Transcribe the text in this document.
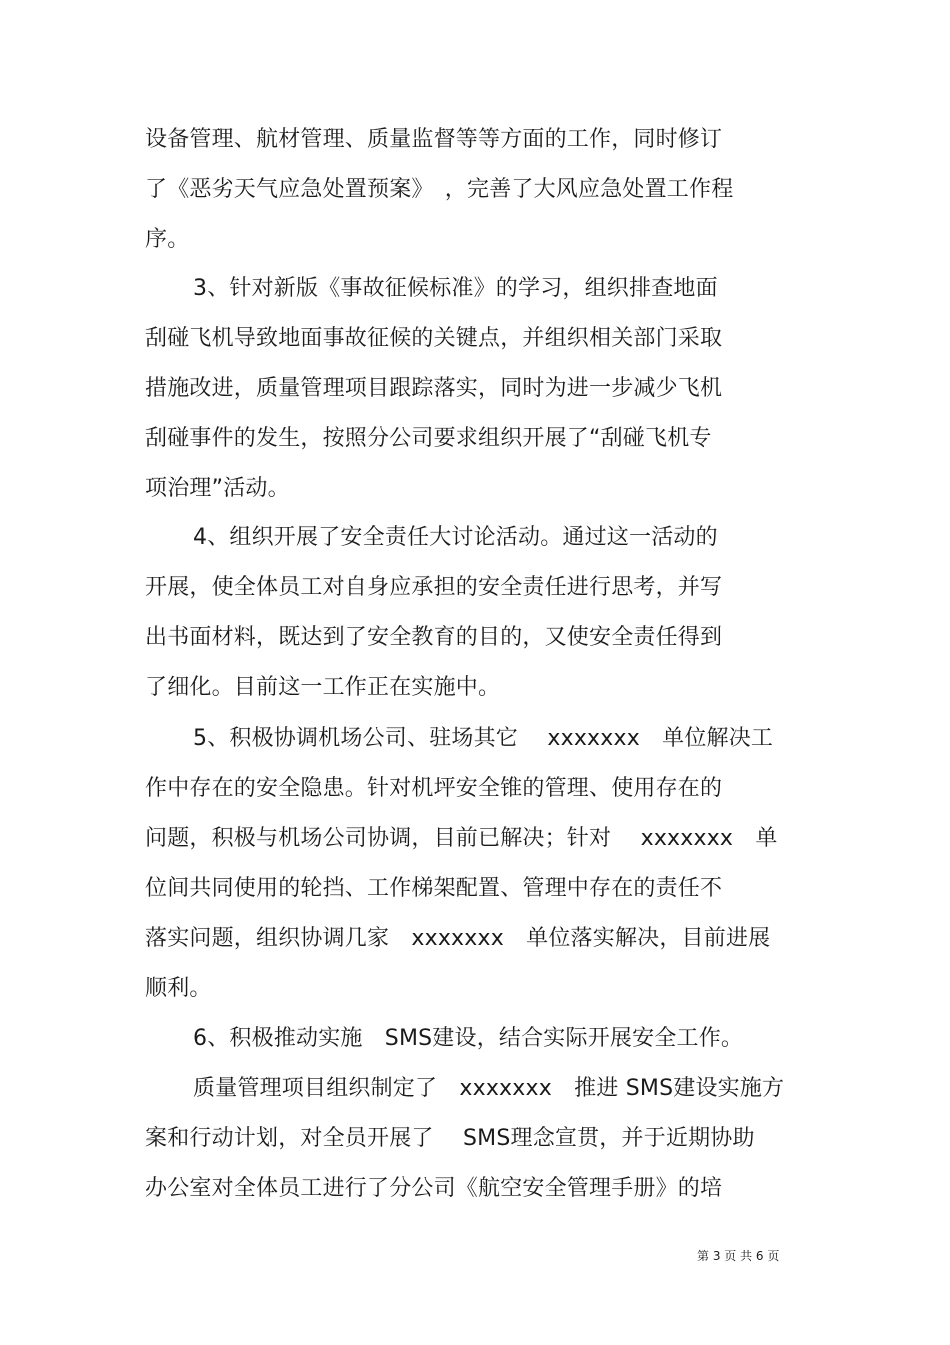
设备管理、航材管理、质量监督等等方面的工作，同时修订
了《恶劣天气应急处置预案》　，完善了大风应急处置工作程
序。
3、针对新版《事故征候标准》的学习，组织排查地面
刮碰飞机导致地面事故征候的关键点，并组织相关部门采取
措施改进，质量管理项目跟踪落实，同时为进一步减少飞机
刮碰事件的发生，按照分公司要求组织开展了“刮碰飞机专
项治理”活动。
4、组织开展了安全责任大讨论活动。通过这一活动的
开展，使全体员工对自身应承担的安全责任进行思考，并写
出书面材料，既达到了安全教育的目的，又使安全责任得到
了细化。目前这一工作正在实施中。
5、积极协调机场公司、驻场其它　 xxxxxxx　单位解决工
作中存在的安全隐患。针对机坪安全锥的管理、使用存在的
问题，积极与机场公司协调，目前已解决；针对　 xxxxxxx　单
位间共同使用的轮挡、工作梯架配置、管理中存在的责任不
落实问题，组织协调几家　xxxxxxx　单位落实解决，目前进展
顺利。
6、积极推动实施　SMS建设，结合实际开展安全工作。
质量管理项目组织制定了　xxxxxxx　推进 SMS建设实施方
案和行动计划，对全员开展了　 SMS理念宣贯，并于近期协助
办公室对全体员工进行了分公司《航空安全管理手册》的培
第 3 页 共 6 页
